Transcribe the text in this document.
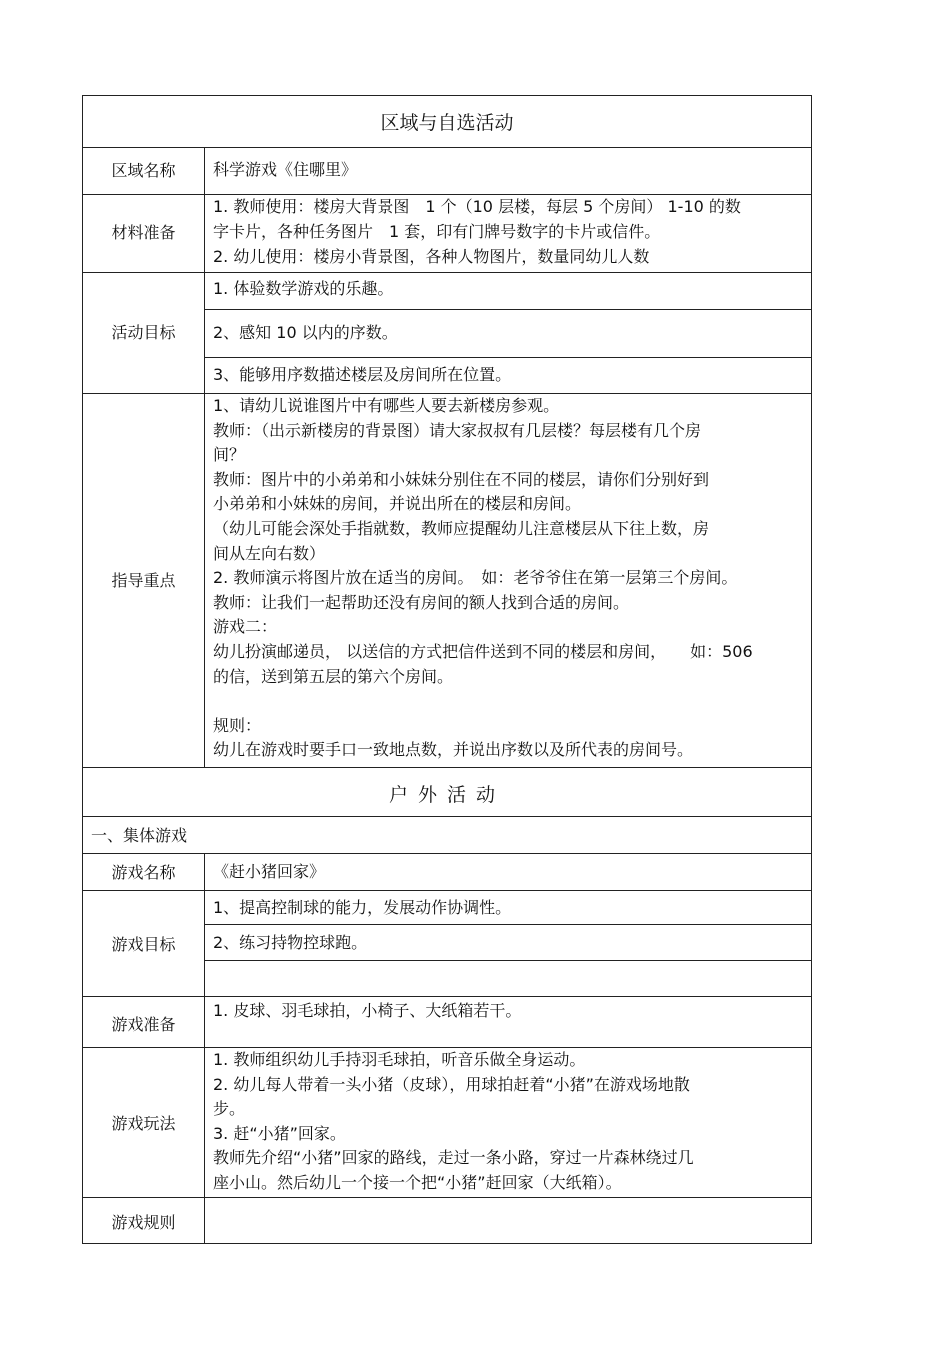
区域与自选活动
区域名称	科学游戏《住哪里》
材料准备
1. 教师使用：楼房大背景图　1 个（10 层楼，每层 5 个房间） 1-10 的数
字卡片，各种任务图片　1 套，印有门牌号数字的卡片或信件。
2. 幼儿使用：楼房小背景图，各种人物图片，数量同幼儿人数
活动目标
1. 体验数学游戏的乐趣。
2、感知 10 以内的序数。
3、能够用序数描述楼层及房间所在位置。
指导重点
1、请幼儿说谁图片中有哪些人要去新楼房参观。
教师：（出示新楼房的背景图）请大家叔叔有几层楼？每层楼有几个房
间？
教师：图片中的小弟弟和小妹妹分别住在不同的楼层，请你们分别好到
小弟弟和小妹妹的房间，并说出所在的楼层和房间。
（幼儿可能会深处手指就数，教师应提醒幼儿注意楼层从下往上数，房
间从左向右数）
2. 教师演示将图片放在适当的房间。　如：老爷爷住在第一层第三个房间。
教师：让我们一起帮助还没有房间的额人找到合适的房间。
游戏二：
幼儿扮演邮递员， 以送信的方式把信件送到不同的楼层和房间，　　如：506
的信，送到第五层的第六个房间。
规则：
幼儿在游戏时要手口一致地点数，并说出序数以及所代表的房间号。
户外活动
一、集体游戏
游戏名称	《赶小猪回家》
游戏目标
1、提高控制球的能力，发展动作协调性。
2、练习持物控球跑。
游戏准备
1. 皮球、羽毛球拍，小椅子、大纸箱若干。
游戏玩法
1. 教师组织幼儿手持羽毛球拍，听音乐做全身运动。
2. 幼儿每人带着一头小猪（皮球），用球拍赶着“小猪”在游戏场地散
步。
3. 赶“小猪”回家。
教师先介绍“小猪”回家的路线，走过一条小路，穿过一片森林绕过几
座小山。然后幼儿一个接一个把“小猪”赶回家（大纸箱）。
游戏规则
